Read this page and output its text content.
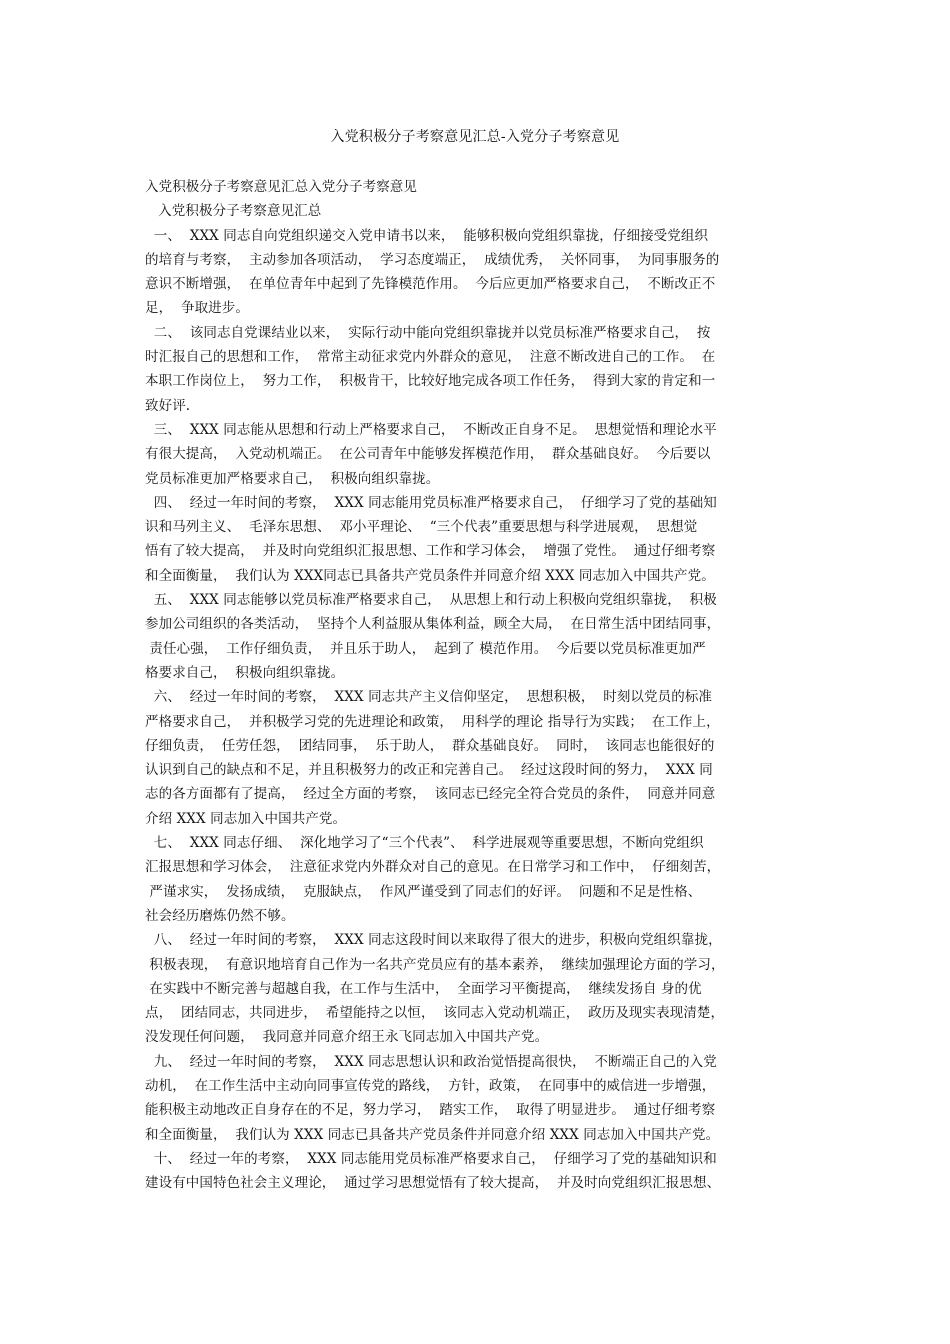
入党积极分子考察意见汇总-入党分子考察意见
入党积极分子考察意见汇总入党分子考察意见
入党积极分子考察意见汇总
一、  XXX 同志自向党组织递交入党申请书以来，  能够积极向党组织靠拢，仔细接受党组织
的培育与考察，  主动参加各项活动，  学习态度端正，  成绩优秀，  关怀同事，  为同事服务的
意识不断增强，  在单位青年中起到了先锋模范作用。  今后应更加严格要求自己，  不断改正不
足，  争取进步。
二、  该同志自党课结业以来，  实际行动中能向党组织靠拢并以党员标准严格要求自己，  按
时汇报自己的思想和工作，  常常主动征求党内外群众的意见，  注意不断改进自己的工作。  在
本职工作岗位上，  努力工作，  积极肯干，比较好地完成各项工作任务，  得到大家的肯定和一
致好评.
三、  XXX 同志能从思想和行动上严格要求自己，  不断改正自身不足。  思想觉悟和理论水平
有很大提高，  入党动机端正。  在公司青年中能够发挥模范作用，  群众基础良好。  今后要以
党员标准更加严格要求自己，  积极向组织靠拢。
四、  经过一年时间的考察，  XXX 同志能用党员标准严格要求自己，  仔细学习了党的基础知
识和马列主义、  毛泽东思想、  邓小平理论、  “三个代表”重要思想与科学进展观，  思想觉
悟有了较大提高，  并及时向党组织汇报思想、工作和学习体会，  增强了党性。  通过仔细考察
和全面衡量，  我们认为 XXX同志已具备共产党员条件并同意介绍 XXX 同志加入中国共产党。
五、  XXX 同志能够以党员标准严格要求自己，  从思想上和行动上积极向党组织靠拢，  积极
参加公司组织的各类活动，  坚持个人利益服从集体利益，顾全大局，  在日常生活中团结同事，
责任心强，  工作仔细负责，  并且乐于助人，  起到了 模范作用。  今后要以党员标准更加严
格要求自己，  积极向组织靠拢。
六、  经过一年时间的考察，  XXX 同志共产主义信仰坚定，  思想积极，  时刻以党员的标准
严格要求自己，  并积极学习党的先进理论和政策，  用科学的理论 指导行为实践；  在工作上，
仔细负责，  任劳任怨，  团结同事，  乐于助人，  群众基础良好。  同时，  该同志也能很好的
认识到自己的缺点和不足，并且积极努力的改正和完善自己。  经过这段时间的努力，  XXX 同
志的各方面都有了提高，  经过全方面的考察，  该同志已经完全符合党员的条件，  同意并同意
介绍 XXX 同志加入中国共产党。
七、  XXX 同志仔细、  深化地学习了“三个代表”、  科学进展观等重要思想，不断向党组织
汇报思想和学习体会，  注意征求党内外群众对自己的意见。在日常学习和工作中，  仔细刻苦，
严谨求实，  发扬成绩，  克服缺点，  作风严谨受到了同志们的好评。  问题和不足是性格、
社会经历磨炼仍然不够。
八、  经过一年时间的考察，  XXX 同志这段时间以来取得了很大的进步，积极向党组织靠拢，
积极表现，  有意识地培育自己作为一名共产党员应有的基本素养，  继续加强理论方面的学习，
在实践中不断完善与超越自我，在工作与生活中，  全面学习平衡提高，  继续发扬自 身的优
点，  团结同志，共同进步，  希望能持之以恒，  该同志入党动机端正，  政历及现实表现清楚，
没发现任何问题，  我同意并同意介绍王永飞同志加入中国共产党。
九、  经过一年时间的考察，  XXX 同志思想认识和政治觉悟提高很快，  不断端正自己的入党
动机，  在工作生活中主动向同事宣传党的路线，  方针，政策，  在同事中的威信进一步增强，
能积极主动地改正自身存在的不足，努力学习，  踏实工作，  取得了明显进步。  通过仔细考察
和全面衡量，  我们认为 XXX 同志已具备共产党员条件并同意介绍 XXX 同志加入中国共产党。
十、  经过一年的考察，  XXX 同志能用党员标准严格要求自己，  仔细学习了党的基础知识和
建设有中国特色社会主义理论，  通过学习思想觉悟有了较大提高，  并及时向党组织汇报思想、
